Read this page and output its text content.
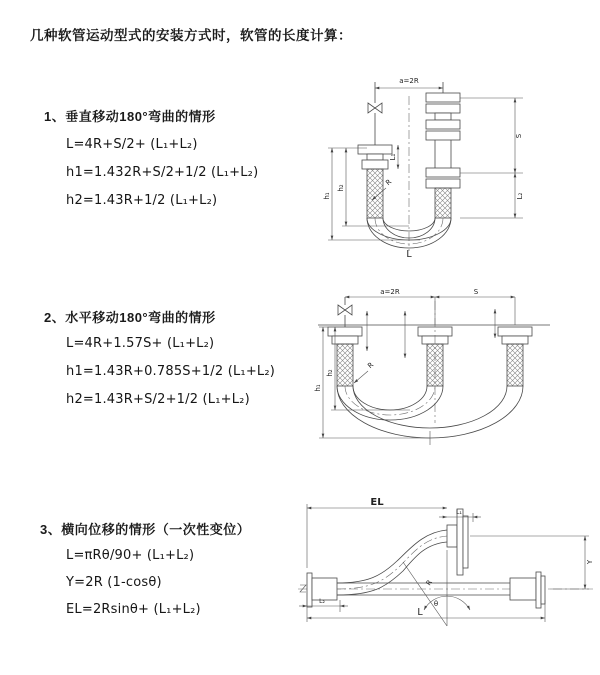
几种软管运动型式的安装方式时，软管的长度计算：
1、垂直移动180°弯曲的情形
L=4R+S/2+ (L₁+L₂)
h1=1.432R+S/2+1/2 (L₁+L₂)
h2=1.43R+1/2 (L₁+L₂)
2、水平移动180°弯曲的情形
L=4R+1.57S+ (L₁+L₂)
h1=1.43R+0.785S+1/2 (L₁+L₂)
h2=1.43R+S/2+1/2 (L₁+L₂)
3、横向位移的情形（一次性变位）
L=πRθ/90+ (L₁+L₂)
Y=2R (1-cosθ)
EL=2Rsinθ+ (L₁+L₂)
a=2R
h₁
h₂
L₁
S
L₂
R
L
a=2R	S
h₁
h₂
R
EL
L₁
Y
L
L₂
R
θ
